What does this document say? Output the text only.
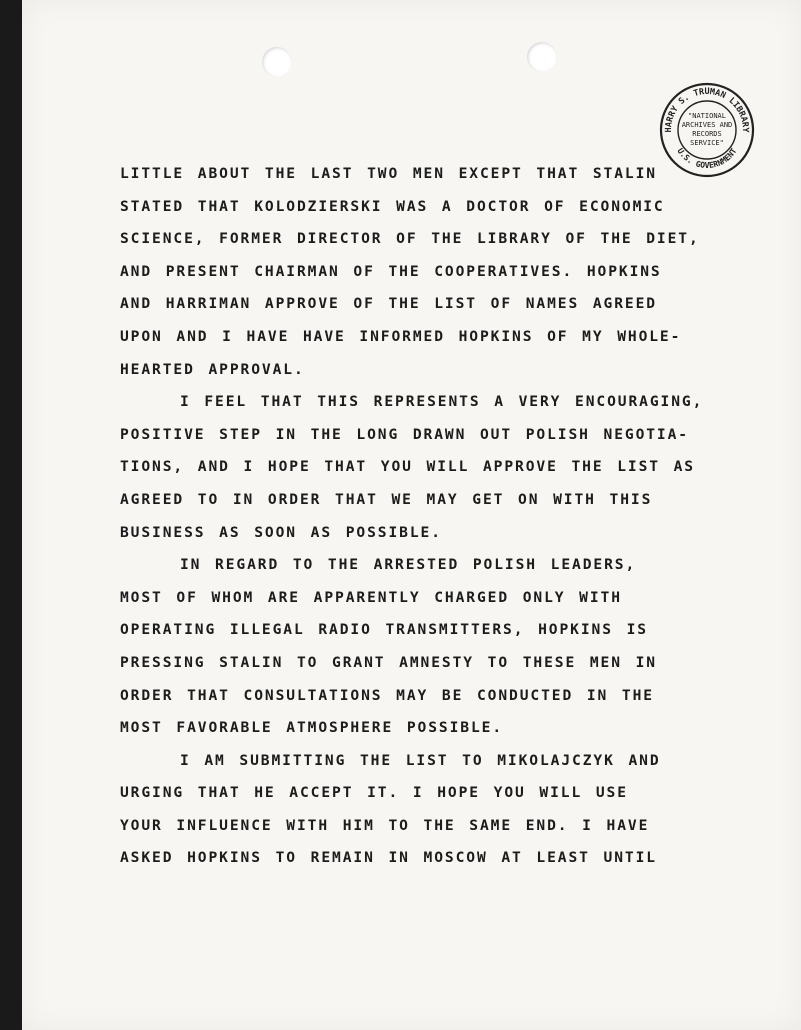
HARRY S. TRUMAN LIBRARY
U.S. GOVERNMENT
"NATIONAL
ARCHIVES AND
RECORDS
SERVICE"
LITTLE ABOUT THE LAST TWO MEN EXCEPT THAT STALIN
STATED THAT KOLODZIERSKI WAS A DOCTOR OF ECONOMIC
SCIENCE, FORMER DIRECTOR OF THE LIBRARY OF THE DIET,
AND PRESENT CHAIRMAN OF THE COOPERATIVES. HOPKINS
AND HARRIMAN APPROVE OF THE LIST OF NAMES AGREED
UPON AND I HAVE HAVE INFORMED HOPKINS OF MY WHOLE-
HEARTED APPROVAL.
I FEEL THAT THIS REPRESENTS A VERY ENCOURAGING,
POSITIVE STEP IN THE LONG DRAWN OUT POLISH NEGOTIA-
TIONS, AND I HOPE THAT YOU WILL APPROVE THE LIST AS
AGREED TO IN ORDER THAT WE MAY GET ON WITH THIS
BUSINESS AS SOON AS POSSIBLE.
IN REGARD TO THE ARRESTED POLISH LEADERS,
MOST OF WHOM ARE APPARENTLY CHARGED ONLY WITH
OPERATING ILLEGAL RADIO TRANSMITTERS, HOPKINS IS
PRESSING STALIN TO GRANT AMNESTY TO THESE MEN IN
ORDER THAT CONSULTATIONS MAY BE CONDUCTED IN THE
MOST FAVORABLE ATMOSPHERE POSSIBLE.
I AM SUBMITTING THE LIST TO MIKOLAJCZYK AND
URGING THAT HE ACCEPT IT. I HOPE YOU WILL USE
YOUR INFLUENCE WITH HIM TO THE SAME END. I HAVE
ASKED HOPKINS TO REMAIN IN MOSCOW AT LEAST UNTIL
